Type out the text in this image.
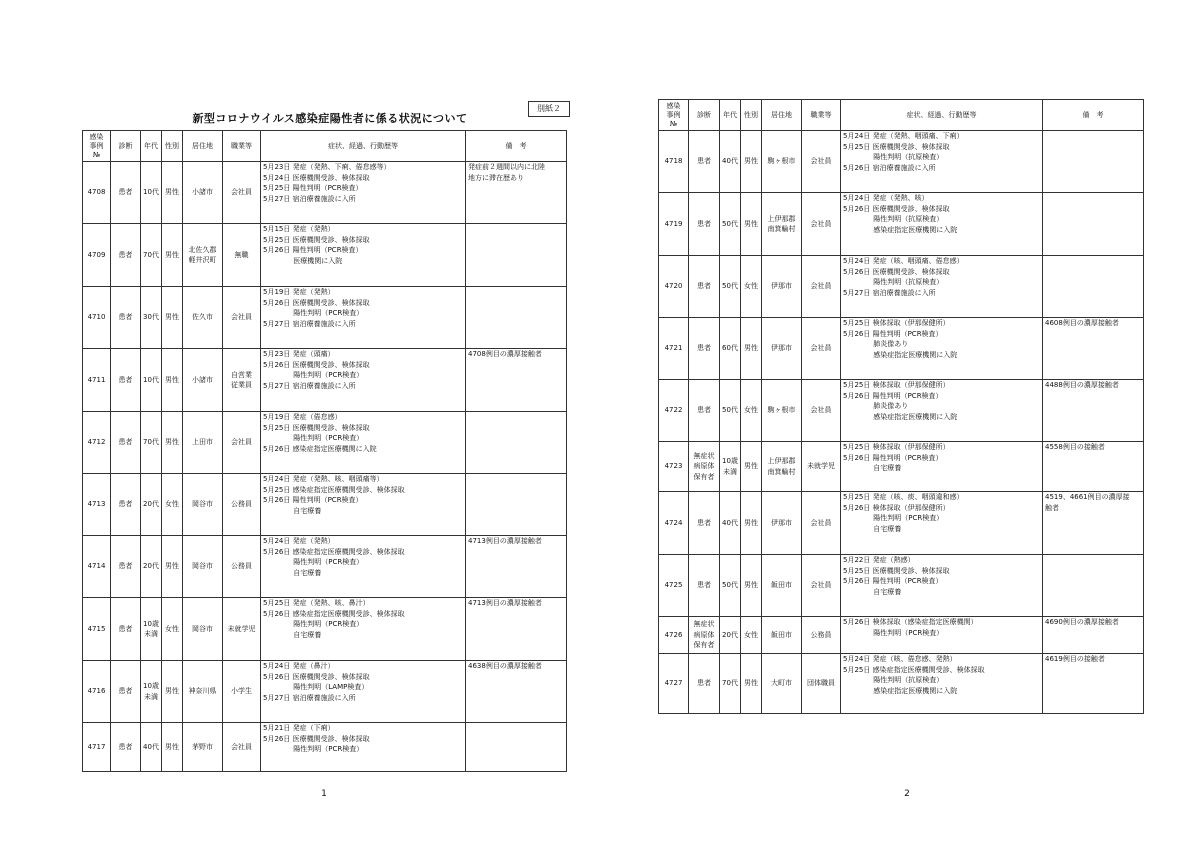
新型コロナウイルス感染症陽性者に係る状況について
別紙２
感染
事例
№	診断	年代	性別	居住地	職業等	症状、経過、行動歴等	備　考
4708	患者	10代	男性	小諸市	会社員	5月23日 発症（発熱、下痢、倦怠感等）
5月24日 医療機関受診、検体採取
5月25日 陽性判明（PCR検査）
5月27日 宿泊療養施設に入所	発症前２週間以内に北陸
地方に滞在歴あり

4709	患者	70代	男性	北佐久郡
軽井沢町	無職	5月15日 発症（発熱）
5月25日 医療機関受診、検体採取
5月26日 陽性判明（PCR検査）
　　　　 医療機関に入院	

4710	患者	30代	男性	佐久市	会社員	5月19日 発症（発熱）
5月26日 医療機関受診、検体採取
　　　　 陽性判明（PCR検査）
5月27日 宿泊療養施設に入所	

4711	患者	10代	男性	小諸市	自営業
従業員	5月23日 発症（頭痛）
5月26日 医療機関受診、検体採取
　　　　 陽性判明（PCR検査）
5月27日 宿泊療養施設に入所	4708例目の濃厚接触者

4712	患者	70代	男性	上田市	会社員	5月19日 発症（倦怠感）
5月25日 医療機関受診、検体採取
　　　　 陽性判明（PCR検査）
5月26日 感染症指定医療機関に入院	

4713	患者	20代	女性	岡谷市	公務員	5月24日 発症（発熱、咳、咽頭痛等）
5月25日 感染症指定医療機関受診、検体採取
5月26日 陽性判明（PCR検査）
　　　　 自宅療養	

4714	患者	20代	男性	岡谷市	公務員	5月24日 発症（発熱）
5月26日 感染症指定医療機関受診、検体採取
　　　　 陽性判明（PCR検査）
　　　　 自宅療養	4713例目の濃厚接触者

4715	患者	10歳
未満	女性	岡谷市	未就学児	5月25日 発症（発熱、咳、鼻汁）
5月26日 感染症指定医療機関受診、検体採取
　　　　 陽性判明（PCR検査）
　　　　 自宅療養	4713例目の濃厚接触者

4716	患者	10歳
未満	男性	神奈川県	小学生	5月24日 発症（鼻汁）
5月26日 医療機関受診、検体採取
　　　　 陽性判明（LAMP検査）
5月27日 宿泊療養施設に入所	4638例目の濃厚接触者

4717	患者	40代	男性	茅野市	会社員	5月21日 発症（下痢）
5月26日 医療機関受診、検体採取
　　　　 陽性判明（PCR検査）	

1
感染
事例
№	診断	年代	性別	居住地	職業等	症状、経過、行動歴等	備　考
4718	患者	40代	男性	駒ヶ根市	会社員	5月24日 発症（発熱、咽頭痛、下痢）
5月25日 医療機関受診、検体採取
　　　　 陽性判明（抗原検査）
5月26日 宿泊療養施設に入所	

4719	患者	50代	男性	上伊那郡
南箕輪村	会社員	5月24日 発症（発熱、咳）
5月26日 医療機関受診、検体採取
　　　　 陽性判明（抗原検査）
　　　　 感染症指定医療機関に入院	

4720	患者	50代	女性	伊那市	会社員	5月24日 発症（咳、咽頭痛、倦怠感）
5月26日 医療機関受診、検体採取
　　　　 陽性判明（抗原検査）
5月27日 宿泊療養施設に入所	

4721	患者	60代	男性	伊那市	会社員	5月25日 検体採取（伊那保健所）
5月26日 陽性判明（PCR検査）
　　　　 肺炎像あり
　　　　 感染症指定医療機関に入院	4608例目の濃厚接触者

4722	患者	50代	女性	駒ヶ根市	会社員	5月25日 検体採取（伊那保健所）
5月26日 陽性判明（PCR検査）
　　　　 肺炎像あり
　　　　 感染症指定医療機関に入院	4488例目の濃厚接触者

4723	無症状
病原体
保有者	10歳
未満	男性	上伊那郡
南箕輪村	未就学児	5月25日 検体採取（伊那保健所）
5月26日 陽性判明（PCR検査）
　　　　 自宅療養	4558例目の接触者

4724	患者	40代	男性	伊那市	会社員	5月25日 発症（咳、痰、咽頭違和感）
5月26日 検体採取（伊那保健所）
　　　　 陽性判明（PCR検査）
　　　　 自宅療養	4519、4661例目の濃厚接
触者

4725	患者	50代	男性	飯田市	会社員	5月22日 発症（熱感）
5月25日 医療機関受診、検体採取
5月26日 陽性判明（PCR検査）
　　　　 自宅療養	

4726	無症状
病原体
保有者	20代	女性	飯田市	公務員	5月26日 検体採取（感染症指定医療機関）
　　　　 陽性判明（PCR検査）	4690例目の濃厚接触者

4727	患者	70代	男性	大町市	団体職員	5月24日 発症（咳、倦怠感、発熱）
5月25日 感染症指定医療機関受診、検体採取
　　　　 陽性判明（抗原検査）
　　　　 感染症指定医療機関に入院	4619例目の接触者
2
